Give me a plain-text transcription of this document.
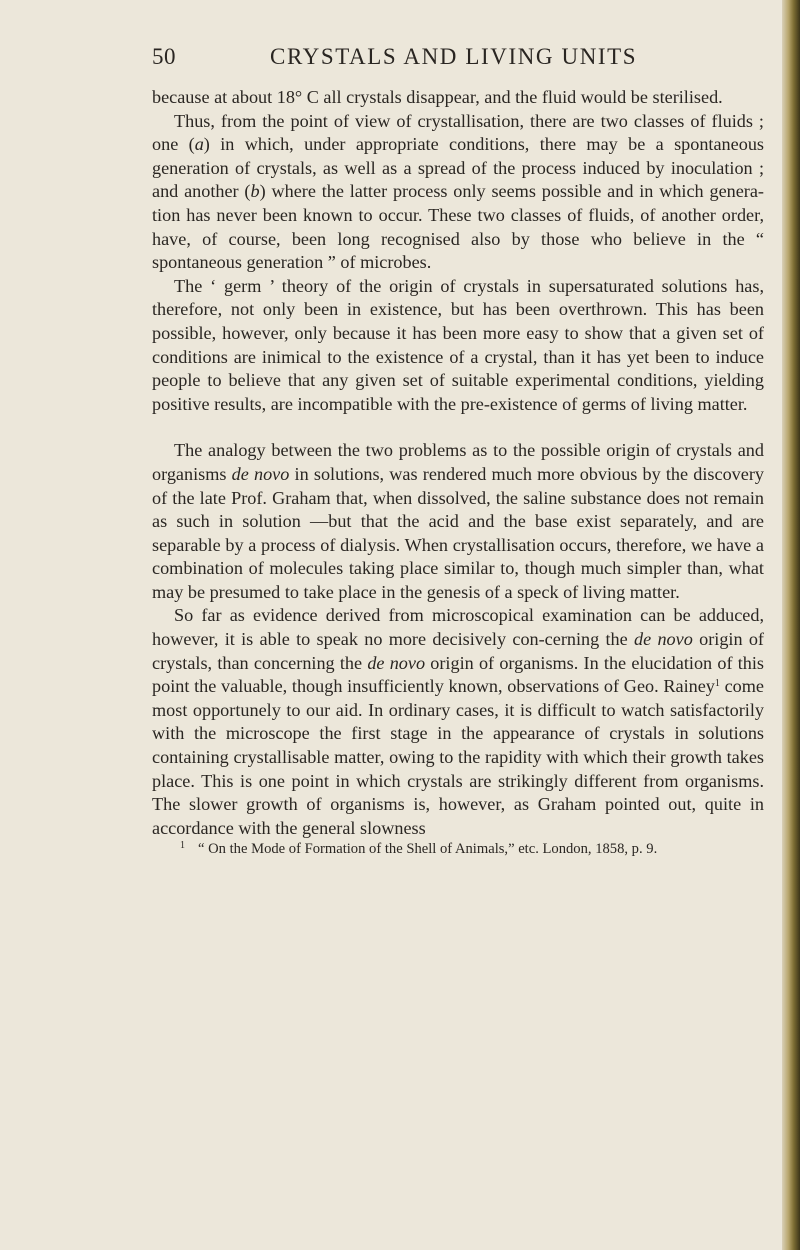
50	CRYSTALS AND LIVING UNITS

because at about 18° C all crystals disappear, and the fluid would be sterilised.

Thus, from the point of view of crystallisation, there are two classes of fluids ; one (a) in which, under appropriate conditions, there may be a spontaneous generation of crystals, as well as a spread of the process induced by inoculation ; and another (b) where the latter process only seems possible and in which genera-tion has never been known to occur. These two classes of fluids, of another order, have, of course, been long recognised also by those who believe in the “ spontaneous generation ” of microbes.

The ‘ germ ’ theory of the origin of crystals in supersaturated solutions has, therefore, not only been in existence, but has been overthrown. This has been possible, however, only because it has been more easy to show that a given set of conditions are inimical to the existence of a crystal, than it has yet been to induce people to believe that any given set of suitable experimental conditions, yielding positive results, are incompatible with the pre-existence of germs of living matter.

The analogy between the two problems as to the possible origin of crystals and organisms de novo in solutions, was rendered much more obvious by the discovery of the late Prof. Graham that, when dissolved, the saline substance does not remain as such in solution —but that the acid and the base exist separately, and are separable by a process of dialysis. When crystallisation occurs, therefore, we have a combination of molecules taking place similar to, though much simpler than, what may be presumed to take place in the genesis of a speck of living matter.

So far as evidence derived from microscopical examination can be adduced, however, it is able to speak no more decisively con-cerning the de novo origin of crystals, than concerning the de novo origin of organisms. In the elucidation of this point the valuable, though insufficiently known, observations of Geo. Rainey$^1$ come most opportunely to our aid. In ordinary cases, it is difficult to watch satisfactorily with the microscope the first stage in the appearance of crystals in solutions containing crystallisable matter, owing to the rapidity with which their growth takes place. This is one point in which crystals are strikingly different from organisms. The slower growth of organisms is, however, as Graham pointed out, quite in accordance with the general slowness

1 “ On the Mode of Formation of the Shell of Animals,” etc. London, 1858, p. 9.
